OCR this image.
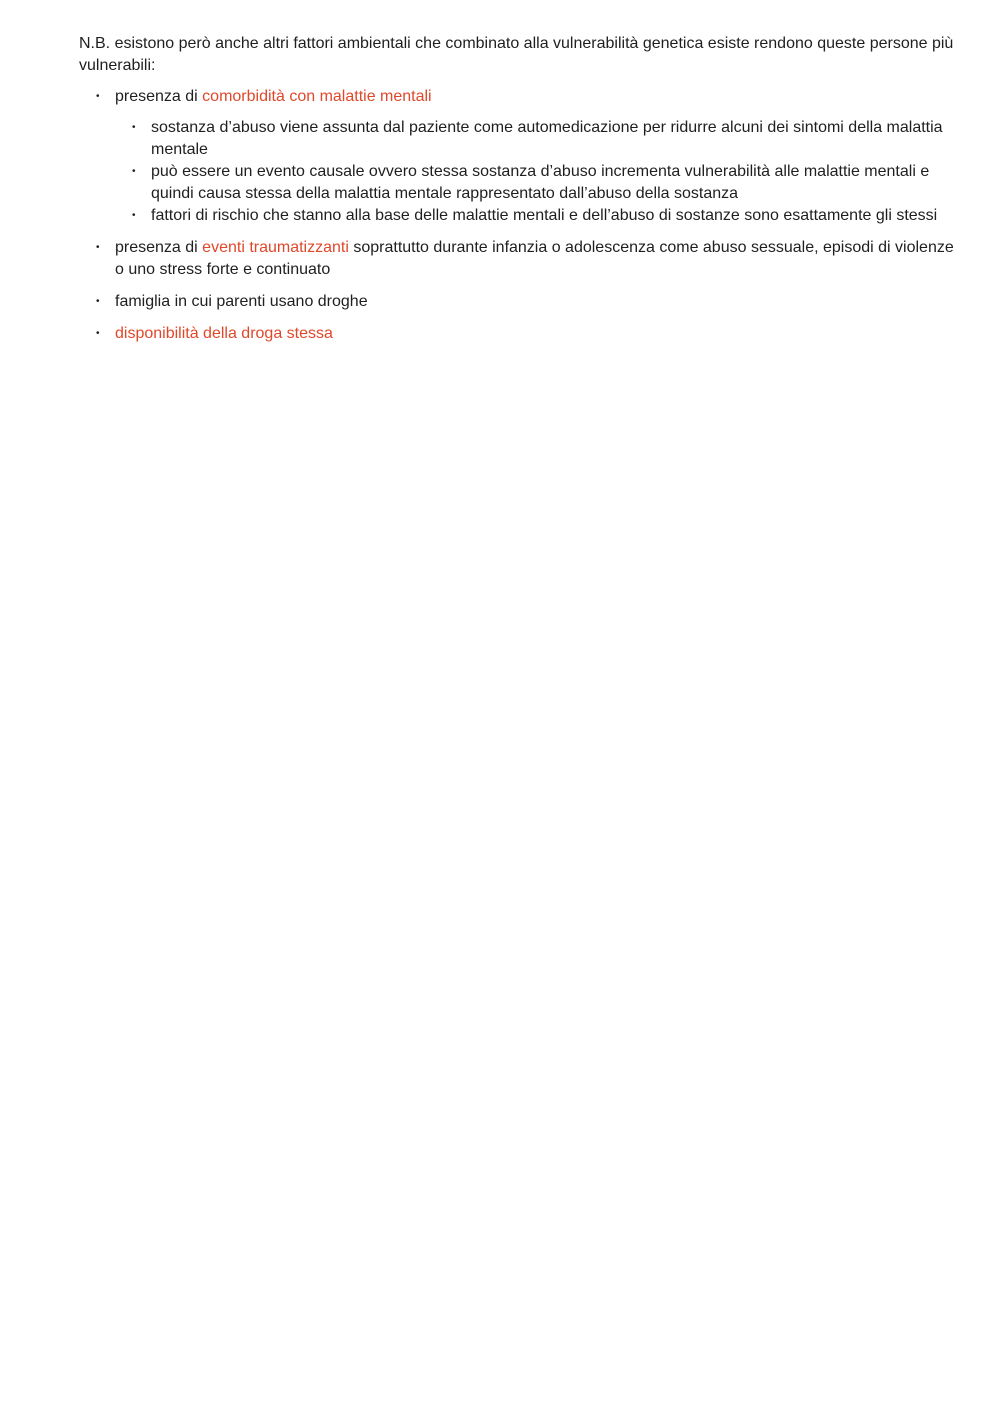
N.B. esistono però anche altri fattori ambientali che combinato alla vulnerabilità genetica esiste rendono queste persone più vulnerabili:

• presenza di comorbidità con malattie mentali
• sostanza d’abuso viene assunta dal paziente come automedicazione per ridurre alcuni dei sintomi della malattia mentale
• può essere un evento causale ovvero stessa sostanza d’abuso incrementa vulnerabilità alle malattie mentali e quindi causa stessa della malattia mentale rappresentato dall’abuso della sostanza
• fattori di rischio che stanno alla base delle malattie mentali e dell’abuso di sostanze sono esattamente gli stessi
• presenza di eventi traumatizzanti soprattutto durante infanzia o adolescenza come abuso sessuale, episodi di violenze o uno stress forte e continuato
• famiglia in cui parenti usano droghe
• disponibilità della droga stessa
